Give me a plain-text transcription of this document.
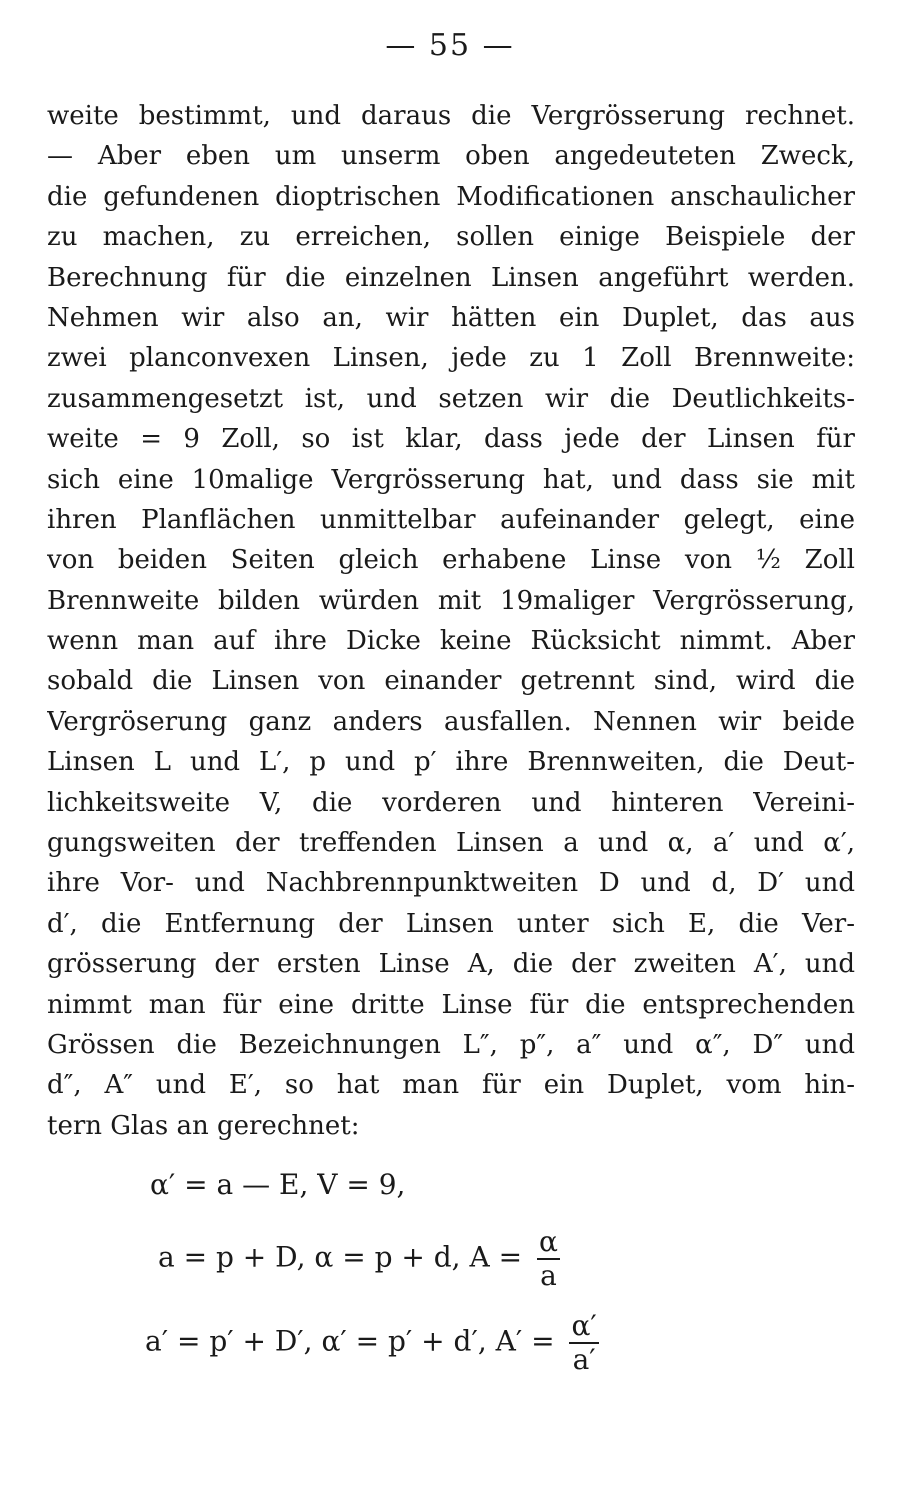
— 55 —
weite bestimmt, und daraus die Vergrösserung rechnet.
— Aber eben um unserm oben angedeuteten Zweck,
die gefundenen dioptrischen Modificationen anschaulicher
zu machen, zu erreichen, sollen einige Beispiele der
Berechnung für die einzelnen Linsen angeführt werden.
Nehmen wir also an, wir hätten ein Duplet, das aus
zwei planconvexen Linsen, jede zu 1 Zoll Brennweite:
zusammengesetzt ist, und setzen wir die Deutlichkeits-
weite = 9 Zoll, so ist klar, dass jede der Linsen für
sich eine 10malige Vergrösserung hat, und dass sie mit
ihren Planflächen unmittelbar aufeinander gelegt, eine
von beiden Seiten gleich erhabene Linse von ½ Zoll
Brennweite bilden würden mit 19maliger Vergrösserung,
wenn man auf ihre Dicke keine Rücksicht nimmt. Aber
sobald die Linsen von einander getrennt sind, wird die
Vergröserung ganz anders ausfallen. Nennen wir beide
Linsen L und L′, p und p′ ihre Brennweiten, die Deut-
lichkeitsweite V, die vorderen und hinteren Vereini-
gungsweiten der treffenden Linsen a und α, a′ und α′,
ihre Vor- und Nachbrennpunktweiten D und d, D′ und
d′, die Entfernung der Linsen unter sich E, die Ver-
grösserung der ersten Linse A, die der zweiten A′, und
nimmt man für eine dritte Linse für die entsprechenden
Grössen die Bezeichnungen L″, p″, a″ und α″, D″ und
d″, A″ und E′, so hat man für ein Duplet, vom hin-
tern Glas an gerechnet:
α′ = a — E, V = 9,
a = p + D, α = p + d, $A = \frac{\alpha}{a}$
a′ = p′ + D′, α′ = p′ + d′, $A' = \frac{\alpha'}{a'}$
